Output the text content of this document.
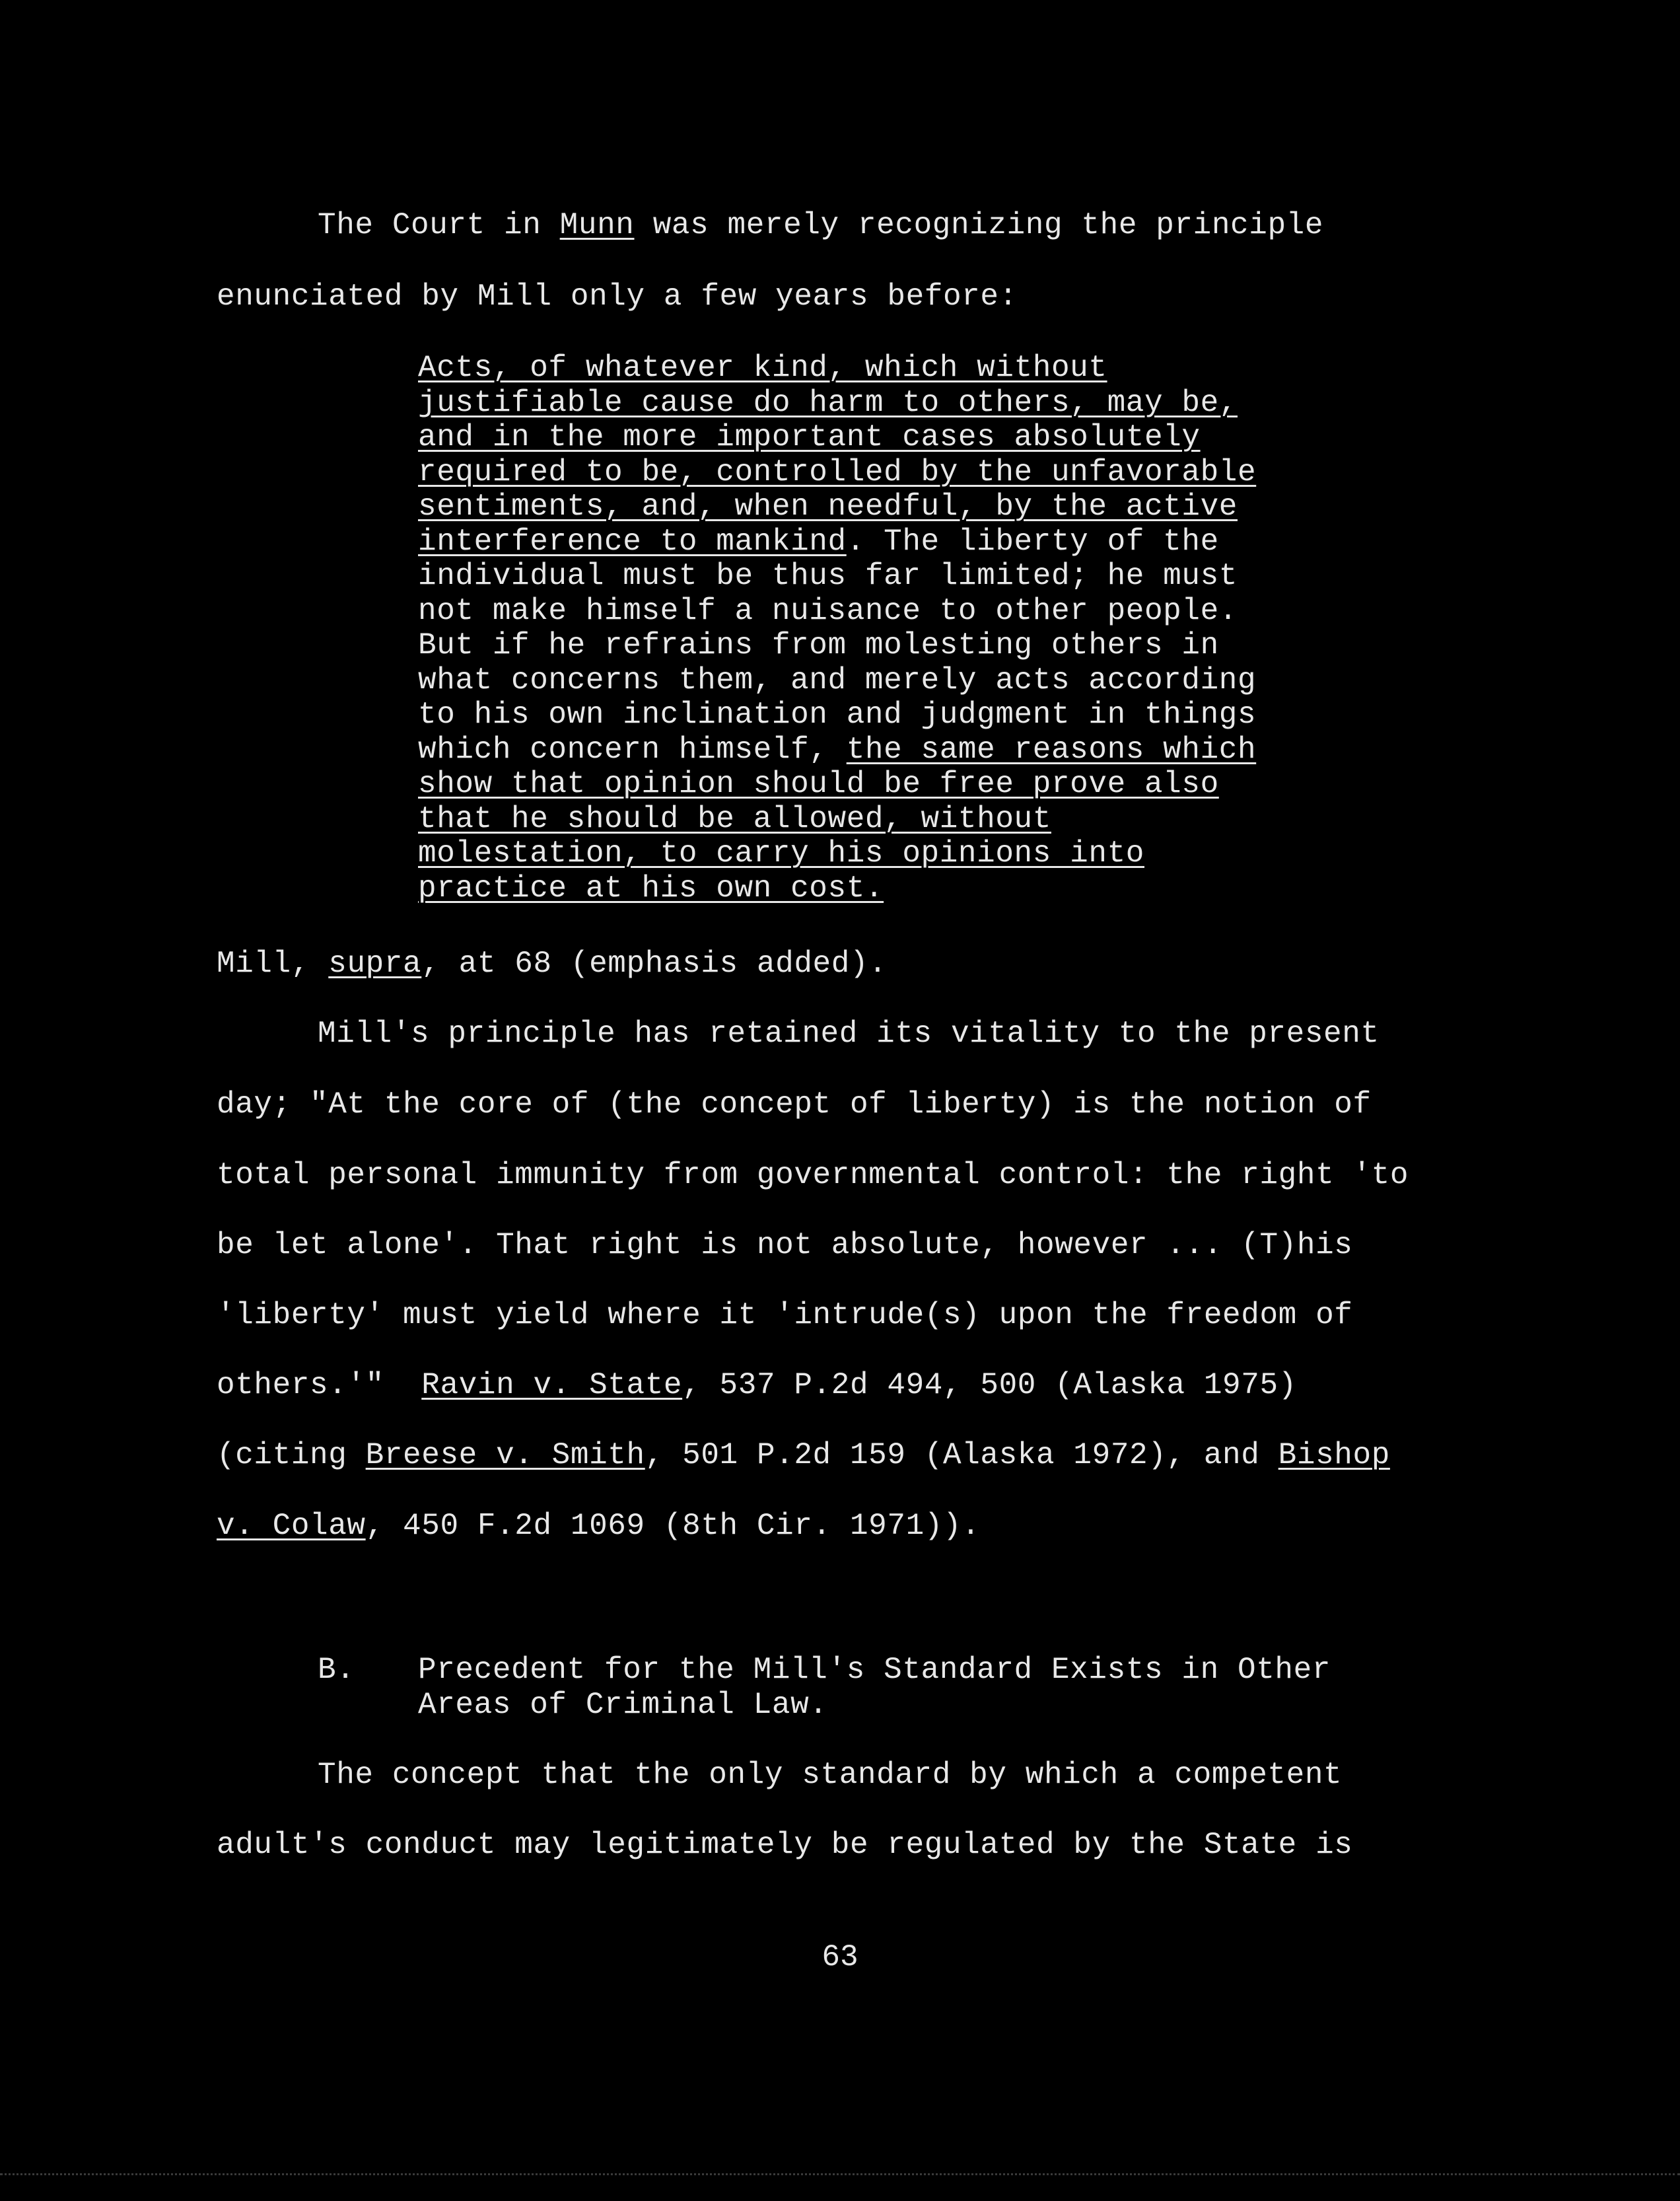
The Court in Munn was merely recognizing the principle
enunciated by Mill only a few years before:
Acts, of whatever kind, which without
justifiable cause do harm to others, may be,
and in the more important cases absolutely
required to be, controlled by the unfavorable
sentiments, and, when needful, by the active
interference to mankind. The liberty of the
individual must be thus far limited; he must
not make himself a nuisance to other people.
But if he refrains from molesting others in
what concerns them, and merely acts according
to his own inclination and judgment in things
which concern himself, the same reasons which
show that opinion should be free prove also
that he should be allowed, without
molestation, to carry his opinions into
practice at his own cost.
Mill, supra, at 68 (emphasis added).
Mill's principle has retained its vitality to the present
day; "At the core of (the concept of liberty) is the notion of
total personal immunity from governmental control: the right 'to
be let alone'. That right is not absolute, however ... (T)his
'liberty' must yield where it 'intrude(s) upon the freedom of
others.'"  Ravin v. State, 537 P.2d 494, 500 (Alaska 1975)
(citing Breese v. Smith, 501 P.2d 159 (Alaska 1972), and Bishop
v. Colaw, 450 F.2d 1069 (8th Cir. 1971)).
B. Precedent for the Mill's Standard Exists in Other
Areas of Criminal Law.
The concept that the only standard by which a competent
adult's conduct may legitimately be regulated by the State is
63
